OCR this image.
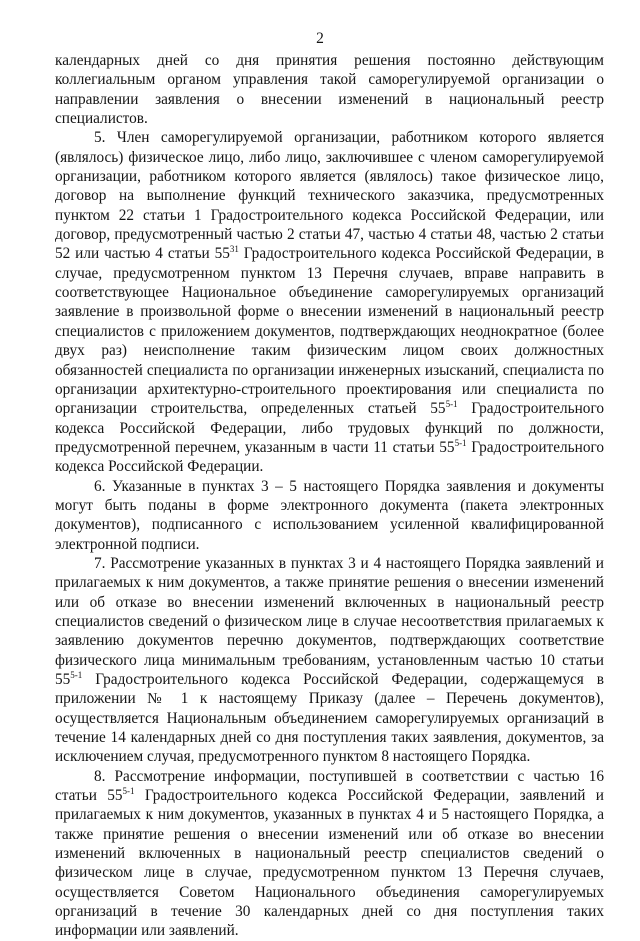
2

календарных дней со дня принятия решения постоянно действующим коллегиальным органом управления такой саморегулируемой организации о направлении заявления о внесении изменений в национальный реестр специалистов.

5. Член саморегулируемой организации, работником которого является (являлось) физическое лицо, либо лицо, заключившее с членом саморегулируемой организации, работником которого является (являлось) такое физическое лицо, договор на выполнение функций технического заказчика, предусмотренных пунктом 22 статьи 1 Градостроительного кодекса Российской Федерации, или договор, предусмотренный частью 2 статьи 47, частью 4 статьи 48, частью 2 статьи 52 или частью 4 статьи $55^{31}$ Градостроительного кодекса Российской Федерации, в случае, предусмотренном пунктом 13 Перечня случаев, вправе направить в соответствующее Национальное объединение саморегулируемых организаций заявление в произвольной форме о внесении изменений в национальный реестр специалистов с приложением документов, подтверждающих неоднократное (более двух раз) неисполнение таким физическим лицом своих должностных обязанностей специалиста по организации инженерных изысканий, специалиста по организации архитектурно-строительного проектирования или специалиста по организации строительства, определенных статьей 55$^{5-1}$ Градостроительного кодекса Российской Федерации, либо трудовых функций по должности, предусмотренной перечнем, указанным в части 11 статьи 55$^{5-1}$ Градостроительного кодекса Российской Федерации.

6. Указанные в пунктах 3 – 5 настоящего Порядка заявления и документы могут быть поданы в форме электронного документа (пакета электронных документов), подписанного с использованием усиленной квалифицированной электронной подписи.

7. Рассмотрение указанных в пунктах 3 и 4 настоящего Порядка заявлений и прилагаемых к ним документов, а также принятие решения о внесении изменений или об отказе во внесении изменений включенных в национальный реестр специалистов сведений о физическом лице в случае несоответствия прилагаемых к заявлению документов перечню документов, подтверждающих соответствие физического лица минимальным требованиям, установленным частью 10 статьи 55$^{5-1}$ Градостроительного кодекса Российской Федерации, содержащемуся в приложении № 1 к настоящему Приказу (далее – Перечень документов), осуществляется Национальным объединением саморегулируемых организаций в течение 14 календарных дней со дня поступления таких заявления, документов, за исключением случая, предусмотренного пунктом 8 настоящего Порядка.

8. Рассмотрение информации, поступившей в соответствии с частью 16 статьи 55$^{5-1}$ Градостроительного кодекса Российской Федерации, заявлений и прилагаемых к ним документов, указанных в пунктах 4 и 5 настоящего Порядка, а также принятие решения о внесении изменений или об отказе во внесении изменений включенных в национальный реестр специалистов сведений о физическом лице в случае, предусмотренном пунктом 13 Перечня случаев, осуществляется Советом Национального объединения саморегулируемых организаций в течение 30 календарных дней со дня поступления таких информации или заявлений.
